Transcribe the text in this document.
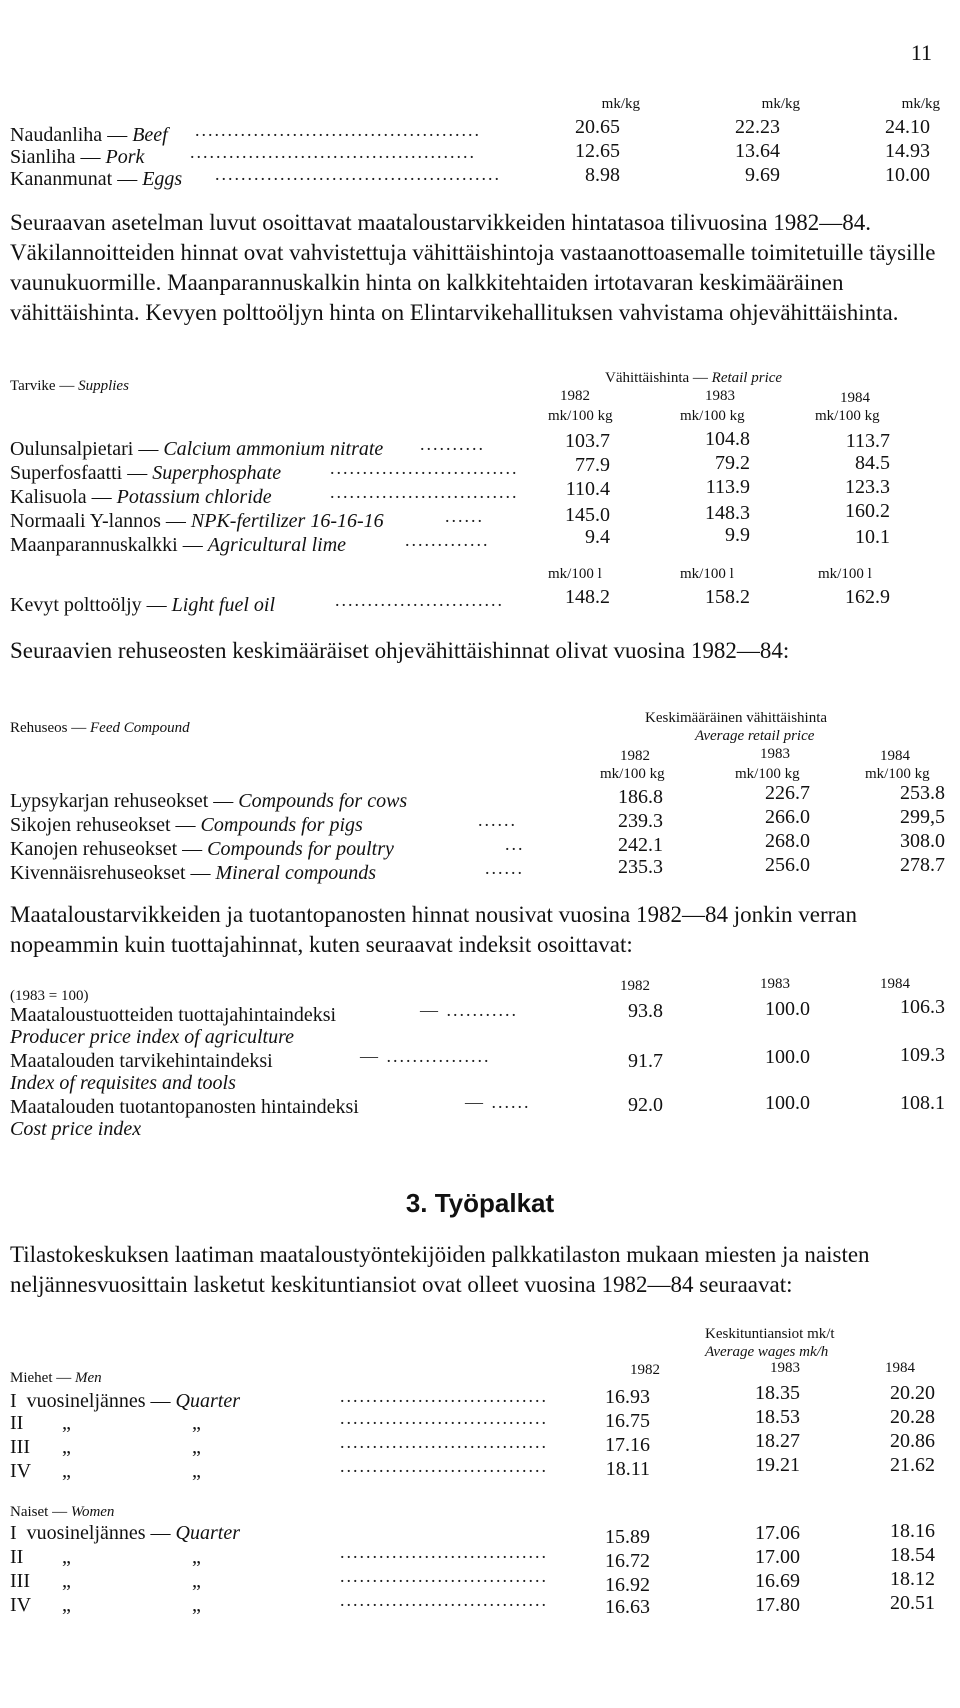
11
mk/kg	mk/kg	mk/kg
Naudanliha — Beef ............................................	20.65	22.23	24.10
Sianliha — Pork	............................................	12.65	13.64	14.93
Kananmunat — Eggs ............................................	8.98	9.69	10.00
Seuraavan asetelman luvut osoittavat maataloustarvikkeiden hintatasoa tilivuosina 1982—84. Väkilannoitteiden hinnat ovat vahvistettuja vähittäishintoja vastaanottoasemalle toimitetuille täysille vaunukuormille. Maanparannuskalkin hinta on kalkkitehtaiden irtotavaran keskimääräinen vähittäishinta. Kevyen polttoöljyn hinta on Elintarvikehallituksen vahvistama ohjevähittäishinta.
Tarvike — Supplies	Vähittäishinta — Retail price
1982	1983	1984
mk/100 kg	mk/100 kg	mk/100 kg
Oulunsalpietari — Calcium ammonium nitrate ..........	103.7	104.8	113.7
Superfosfaatti — Superphosphate	.............................	77.9	79.2	84.5
Kalisuola — Potassium chloride	.............................	110.4	113.9	123.3
Normaali Y-lannos — NPK-fertilizer 16-16-16	......	145.0	148.3	160.2
Maanparannuskalkki — Agricultural lime	.............	9.4	9.9	10.1
mk/100 l	mk/100 l	mk/100 l
Kevyt polttoöljy — Light fuel oil	..........................	148.2	158.2	162.9
Seuraavien rehuseosten keskimääräiset ohjevähittäishinnat olivat vuosina 1982—84:
Rehuseos — Feed Compound
Keskimääräinen vähittäishinta
Average retail price
1982	1983	1984
mk/100 kg	mk/100 kg	mk/100 kg
Lypsykarjan rehuseokset — Compounds for cows	186.8	226.7	253.8
Sikojen rehuseokset — Compounds for pigs	......	239.3	266.0	299,5
Kanojen rehuseokset — Compounds for poultry	...	242.1	268.0	308.0
Kivennäisrehuseokset — Mineral compounds	......	235.3	256.0	278.7
Maataloustarvikkeiden ja tuotantopanosten hinnat nousivat vuosina 1982—84 jonkin verran nopeammin kuin tuottajahinnat, kuten seuraavat indeksit osoittavat:
(1983 = 100)
1982	1983	1984
Maataloustuotteiden tuottajahintaindeksi	— ...........
Producer price index of agriculture
93.8	100.0	106.3
Maatalouden tarvikehintaindeksi	— ................
Index of requisites and tools
91.7	100.0	109.3
Maatalouden tuotantopanosten hintaindeksi	— ......
Cost price index
92.0	100.0	108.1
3. Työpalkat
Tilastokeskuksen laatiman maataloustyöntekijöiden palkkatilaston mukaan miesten ja naisten neljännesvuosittain lasketut keskituntiansiot ovat olleet vuosina 1982—84 seuraavat:
Keskituntiansiot mk/t
Average wages mk/h
1982	1983	1984
Miehet — Men
I vuosineljännes — Quarter	................................	16.93	18.35	20.20
II „	„	................................	16.75	18.53	20.28
III „	„	................................	17.16	18.27	20.86
IV „	„	................................	18.11	19.21	21.62
Naiset — Women
I vuosineljännes — Quarter	15.89	17.06	18.16
II „	„	................................	16.72	17.00	18.54
III „	„	................................	16.92	16.69	18.12
IV „	„	................................	16.63	17.80	20.51
